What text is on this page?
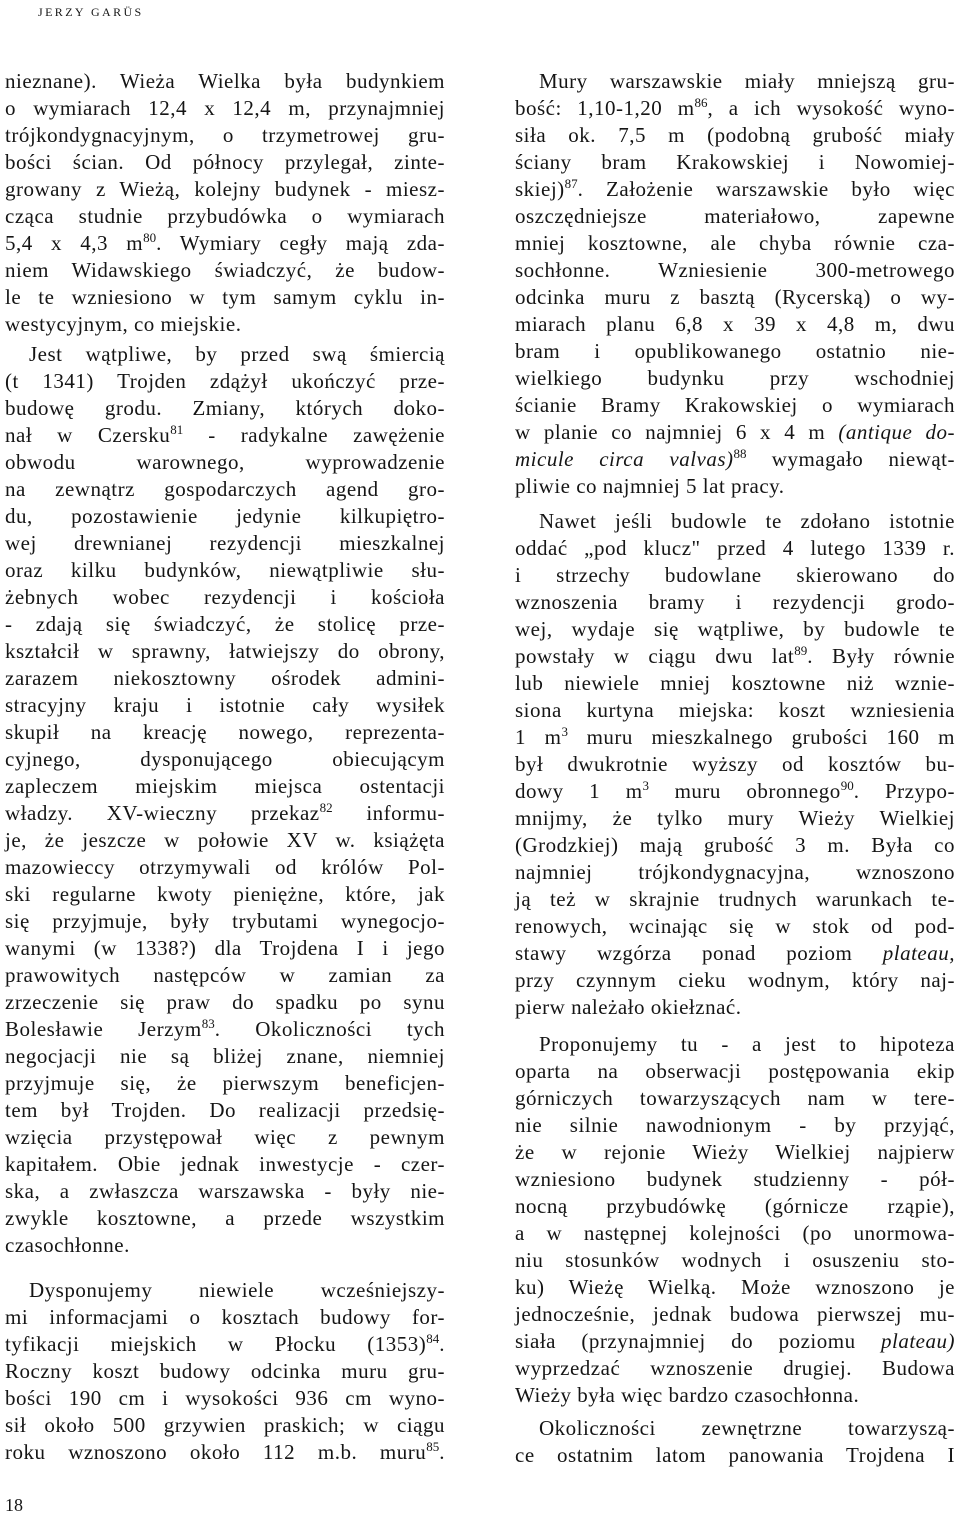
JERZY GARÜS
nieznane). Wieża Wielka była budynkiem
o wymiarach 12,4 x 12,4 m, przynajmniej
trójkondygnacyjnym, o trzymetrowej gru-
bości ścian. Od północy przylegał, zinte-
growany z Wieżą, kolejny budynek - miesz-
cząca studnie przybudówka o wymiarach
5,4 x 4,3 $m^{80}$. Wymiary cegły mają zda-
niem Widawskiego świadczyć, że budow-
le te wzniesiono w tym samym cyklu in-
westycyjnym, co miejskie.
Jest wątpliwe, by przed swą śmiercią
(t 1341) Trojden zdążył ukończyć prze-
budowę grodu. Zmiany, których doko-
nał w Czersku$^{81}$ - radykalne zawężenie
obwodu warownego, wyprowadzenie
na zewnątrz gospodarczych agend gro-
du, pozostawienie jedynie kilkupiętro-
wej drewnianej rezydencji mieszkalnej
oraz kilku budynków, niewątpliwie słu-
żebnych wobec rezydencji i kościoła
- zdają się świadczyć, że stolicę prze-
kształcił w sprawny, łatwiejszy do obrony,
zarazem niekosztowny ośrodek admini-
stracyjny kraju i istotnie cały wysiłek
skupił na kreację nowego, reprezenta-
cyjnego, dysponującego obiecującym
zapleczem miejskim miejsca ostentacji
władzy. XV-wieczny przekaz$^{82}$ informu-
je, że jeszcze w połowie XV w. książęta
mazowieccy otrzymywali od królów Pol-
ski regularne kwoty pieniężne, które, jak
się przyjmuje, były trybutami wynegocjo-
wanymi (w 1338?) dla Trojdena I i jego
prawowitych następców w zamian za
zrzeczenie się praw do spadku po synu
Bolesławie Jerzym$^{83}$. Okoliczności tych
negocjacji nie są bliżej znane, niemniej
przyjmuje się, że pierwszym beneficjen-
tem był Trojden. Do realizacji przedsię-
wzięcia przystępował więc z pewnym
kapitałem. Obie jednak inwestycje - czer-
ska, a zwłaszcza warszawska - były nie-
zwykle kosztowne, a przede wszystkim
czasochłonne.
Dysponujemy niewiele wcześniejszy-
mi informacjami o kosztach budowy for-
tyfikacji miejskich w Płocku $(1353)^{84}$.
Roczny koszt budowy odcinka muru gru-
bości 190 cm i wysokości 936 cm wyno-
sił około 500 grzywien praskich; w ciągu
roku wznoszono około 112 m.b. muru$^{85}$.
Mury warszawskie miały mniejszą gru-
bość: 1,10-1,20 $m^{86}$, a ich wysokość wyno-
siła ok. 7,5 m (podobną grubość miały
ściany bram Krakowskiej i Nowomiej-
skiej)$^{87}$. Założenie warszawskie było więc
oszczędniejsze materiałowo, zapewne
mniej kosztowne, ale chyba równie cza-
sochłonne. Wzniesienie 300-metrowego
odcinka muru z basztą (Rycerską) o wy-
miarach planu 6,8 x 39 x 4,8 m, dwu
bram i opublikowanego ostatnio nie-
wielkiego budynku przy wschodniej
ścianie Bramy Krakowskiej o wymiarach
w planie co najmniej 6 x 4 m (antique do-
micule circa valvas)$^{88}$ wymagało niewąt-
pliwie co najmniej 5 lat pracy.
Nawet jeśli budowle te zdołano istotnie
oddać „pod klucz" przed 4 lutego 1339 r.
i strzechy budowlane skierowano do
wznoszenia bramy i rezydencji grodo-
wej, wydaje się wątpliwe, by budowle te
powstały w ciągu dwu lat$^{89}$. Były równie
lub niewiele mniej kosztowne niż wznie-
siona kurtyna miejska: koszt wzniesienia
1 $m^3$ muru mieszkalnego grubości 160 m
był dwukrotnie wyższy od kosztów bu-
dowy 1 $m^3$ muru obronnego$^{90}$. Przypo-
mnijmy, że tylko mury Wieży Wielkiej
(Grodzkiej) mają grubość 3 m. Była co
najmniej trójkondygnacyjna, wznoszono
ją też w skrajnie trudnych warunkach te-
renowych, wcinając się w stok od pod-
stawy wzgórza ponad poziom plateau,
przy czynnym cieku wodnym, który naj-
pierw należało okiełznać.
Proponujemy tu - a jest to hipoteza
oparta na obserwacji postępowania ekip
górniczych towarzyszących nam w tere-
nie silnie nawodnionym - by przyjąć,
że w rejonie Wieży Wielkiej najpierw
wzniesiono budynek studzienny - pół-
nocną przybudówkę (górnicze rząpie),
a w następnej kolejności (po unormowa-
niu stosunków wodnych i osuszeniu sto-
ku) Wieżę Wielką. Może wznoszono je
jednocześnie, jednak budowa pierwszej mu-
siała (przynajmniej do poziomu plateau)
wyprzedzać wznoszenie drugiej. Budowa
Wieży była więc bardzo czasochłonna.
Okoliczności zewnętrzne towarzyszą-
ce ostatnim latom panowania Trojdena I
18
